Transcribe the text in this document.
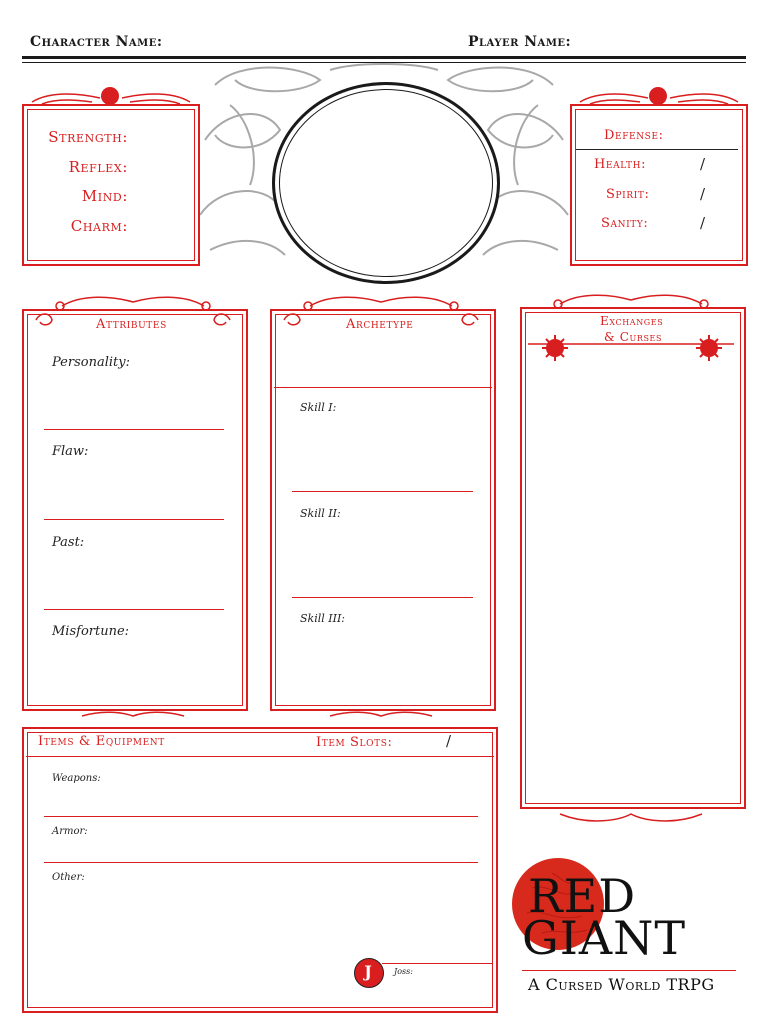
Character Name:	Player Name:
Strength:
Reflex:
Mind:
Charm:
Defense:
Health:	/
Spirit:	/
Sanity:	/
Attributes
Personality:
Flaw:
Past:
Misfortune:
Archetype
Skill I:
Skill II:
Skill III:
Exchanges
& Curses
Items & Equipment	Item Slots:	/
Weapons:
Armor:
Other:
J	Joss:
RED
GIANT
A Cursed World TRPG
